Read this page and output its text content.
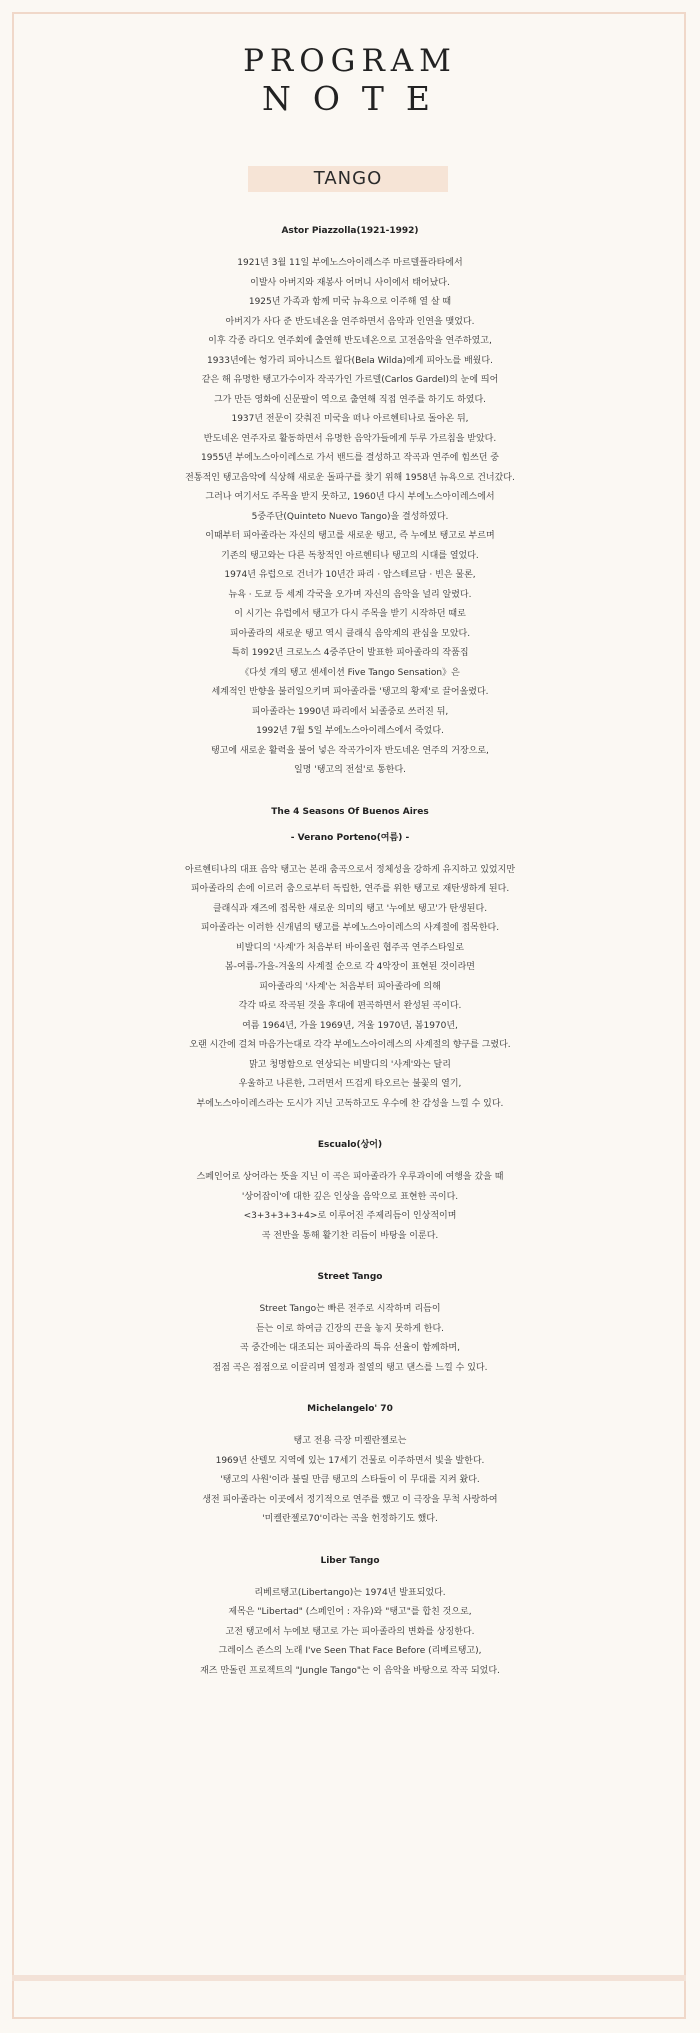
PROGRAM
NOTE
TANGO
Astor Piazzolla(1921-1992)
1921년 3월 11일 부에노스아이레스주 마르델플라타에서
이발사 아버지와 재봉사 어머니 사이에서 태어났다.
1925년 가족과 함께 미국 뉴욕으로 이주해 열 살 때
아버지가 사다 준 반도네온을 연주하면서 음악과 인연을 맺었다.
이후 각종 라디오 연주회에 출연해 반도네온으로 고전음악을 연주하였고,
1933년에는 헝가리 피아니스트 윌다(Bela Wilda)에게 피아노를 배웠다.
같은 해 유명한 탱고가수이자 작곡가인 가르델(Carlos Gardel)의 눈에 띄어
그가 만든 영화에 신문팔이 역으로 출연해 직접 연주를 하기도 하였다.
1937년 전문이 갖춰진 미국을 떠나 아르헨티나로 돌아온 뒤,
반도네온 연주자로 활동하면서 유명한 음악가들에게 두루 가르침을 받았다.
1955년 부에노스아이레스로 가서 밴드를 결성하고 작곡과 연주에 힘쓰던 중
전통적인 탱고음악에 식상해 새로운 돌파구를 찾기 위해 1958년 뉴욕으로 건너갔다.
그러나 여기서도 주목을 받지 못하고, 1960년 다시 부에노스아이레스에서
5중주단(Quinteto Nuevo Tango)을 결성하였다.
이때부터 피아졸라는 자신의 탱고를 새로운 탱고, 즉 누에보 탱고로 부르며
기존의 탱고와는 다른 독창적인 아르헨티나 탱고의 시대를 열었다.
1974년 유럽으로 건너가 10년간 파리 · 암스테르담 · 빈은 물론,
뉴욕 · 도쿄 등 세계 각국을 오가며 자신의 음악을 널리 알렸다.
이 시기는 유럽에서 탱고가 다시 주목을 받기 시작하던 때로
피아졸라의 새로운 탱고 역시 클래식 음악계의 관심을 모았다.
특히 1992년 크로노스 4중주단이 발표한 피아졸라의 작품집
《다섯 개의 탱고 센세이션 Five Tango Sensation》은
세계적인 반향을 불러일으키며 피아졸라를 '탱고의 황제'로 끌어올렸다.
피아졸라는 1990년 파리에서 뇌졸중로 쓰러진 뒤,
1992년 7월 5일 부에노스아이레스에서 죽었다.
탱고에 새로운 활력을 불어 넣은 작곡가이자 반도네온 연주의 거장으로,
일명 '탱고의 전설'로 통한다.
The 4 Seasons Of Buenos Aires
- Verano Porteno(여름) -
아르헨티나의 대표 음악 탱고는 본래 춤곡으로서 정체성을 강하게 유지하고 있었지만
피아졸라의 손에 이르러 춤으로부터 독립한, 연주를 위한 탱고로 재탄생하게 된다.
클래식과 재즈에 접목한 새로운 의미의 탱고 '누에보 탱고'가 탄생된다.
피아졸라는 이러한 신개념의 탱고를 부에노스아이레스의 사계절에 접목한다.
비발디의 '사계'가 처음부터 바이올린 협주곡 연주스타일로
봄-여름-가을-겨울의 사계절 순으로 각 4악장이 표현된 것이라면
피아졸라의 '사계'는 처음부터 피아졸라에 의해
각각 따로 작곡된 것을 후대에 편곡하면서 완성된 곡이다.
여름 1964년, 가을 1969년, 겨울 1970년, 봄1970년,
오랜 시간에 걸쳐 마음가는대로 각각 부에노스아이레스의 사계절의 향구를 그렸다.
맑고 청명함으로 연상되는 비발디의 '사계'와는 달리
우울하고 나른한, 그러면서 뜨겁게 타오르는 불꽃의 열기,
부에노스아이레스라는 도시가 지닌 고독하고도 우수에 찬 감성을 느낄 수 있다.
Escualo(상어)
스페인어로 상어라는 뜻을 지닌 이 곡은 피아졸라가 우루과이에 여행을 갔을 때
'상어잡이'에 대한 깊은 인상을 음악으로 표현한 곡이다.
<3+3+3+3+4>로 이루어진 주제리듬이 인상적이며
곡 전반을 통해 활기찬 리듬이 바탕을 이룬다.
Street Tango
Street Tango는 빠른 전주로 시작하며 리듬이
듣는 이로 하여금 긴장의 끈을 놓지 못하게 한다.
곡 중간에는 대조되는 피아졸라의 특유 선율이 함께하며,
점점 곡은 점점으로 이끌리며 열정과 절열의 탱고 댄스를 느낄 수 있다.
Michelangelo' 70
탱고 전용 극장 미켈란젤로는
1969년 산텔모 지역에 있는 17세기 건물로 이주하면서 빛을 발한다.
'탱고의 사원'이라 불릴 만큼 탱고의 스타들이 이 무대를 지켜 왔다.
생전 피아졸라는 이곳에서 정기적으로 연주를 했고 이 극장을 무척 사랑하여
'미켈란젤로70'이라는 곡을 헌정하기도 했다.
Liber Tango
리베르탱고(Libertango)는 1974년 발표되었다.
제목은 "Libertad" (스페인어 : 자유)와 "탱고"를 합친 것으로,
고전 탱고에서 누에보 탱고로 가는 피아졸라의 변화를 상징한다.
그레이스 존스의 노래 I've Seen That Face Before (리베르탱고),
재즈 만돌린 프로젝트의 "Jungle Tango"는 이 음악을 바탕으로 작곡 되었다.
